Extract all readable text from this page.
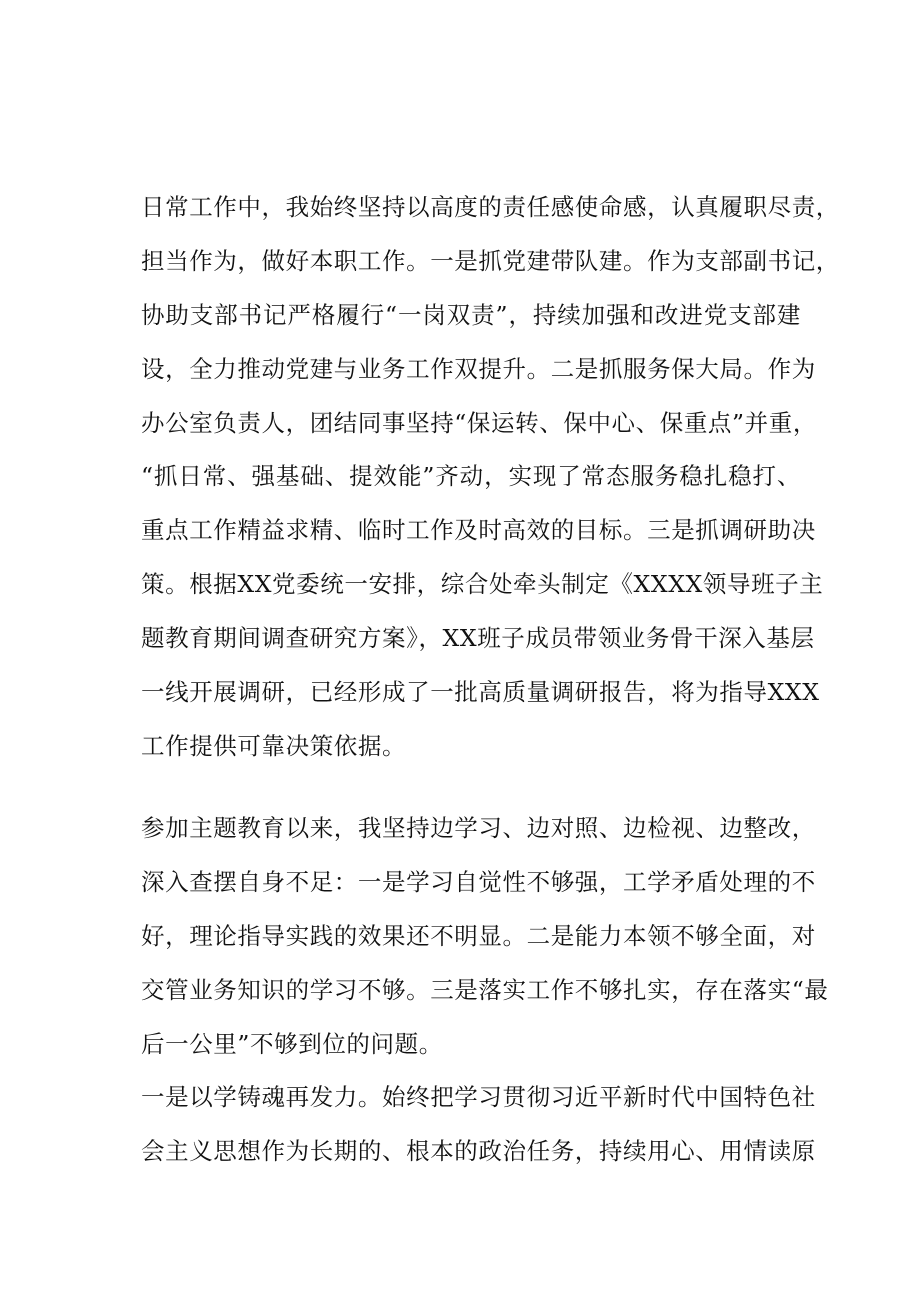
日常工作中，我始终坚持以高度的责任感使命感，认真履职尽责，
担当作为，做好本职工作。一是抓党建带队建。作为支部副书记，
协助支部书记严格履行“一岗双责”，持续加强和改进党支部建
设，全力推动党建与业务工作双提升。二是抓服务保大局。作为
办公室负责人，团结同事坚持“保运转、保中心、保重点”并重，
“抓日常、强基础、提效能”齐动，实现了常态服务稳扎稳打、
重点工作精益求精、临时工作及时高效的目标。三是抓调研助决
策。根据XX党委统一安排，综合处牵头制定《XXXX领导班子主
题教育期间调查研究方案》，XX班子成员带领业务骨干深入基层
一线开展调研，已经形成了一批高质量调研报告，将为指导XXX
工作提供可靠决策依据。
参加主题教育以来，我坚持边学习、边对照、边检视、边整改，
深入查摆自身不足：一是学习自觉性不够强，工学矛盾处理的不
好，理论指导实践的效果还不明显。二是能力本领不够全面，对
交管业务知识的学习不够。三是落实工作不够扎实，存在落实“最
后一公里”不够到位的问题。
一是以学铸魂再发力。始终把学习贯彻习近平新时代中国特色社
会主义思想作为长期的、根本的政治任务，持续用心、用情读原
